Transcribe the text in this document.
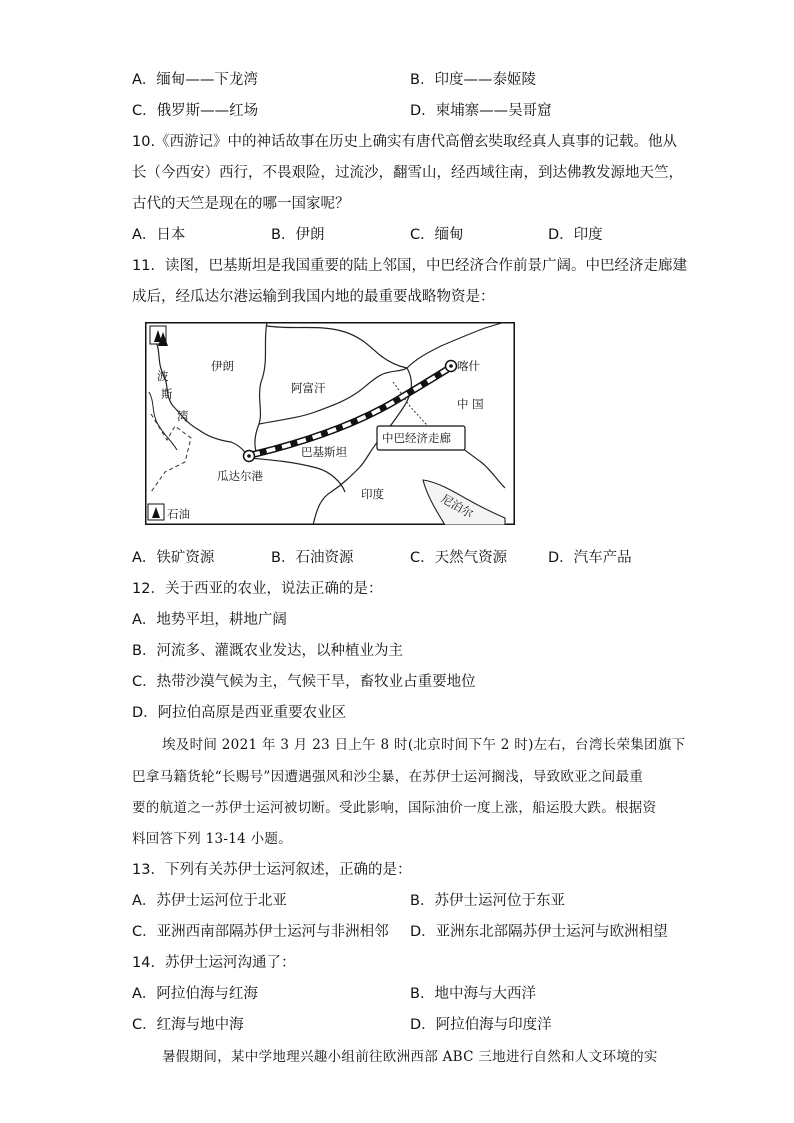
A．缅甸——下龙湾	B．印度——泰姬陵
C．俄罗斯——红场	D．柬埔寨——吴哥窟
10.《西游记》中的神话故事在历史上确实有唐代高僧玄奘取经真人真事的记载。他从
长（今西安）西行，不畏艰险，过流沙，翻雪山，经西域往南，到达佛教发源地天竺，
古代的天竺是现在的哪一国家呢？
A．日本	B．伊朗	C．缅甸	D．印度
11．读图，巴基斯坦是我国重要的陆上邻国，中巴经济合作前景广阔。中巴经济走廊建
成后，经瓜达尔港运输到我国内地的最重要战略物资是：
伊朗
阿富汗
喀什
中 国
波
斯
湾
巴基斯坦
中巴经济走廊
瓜达尔港
印度	尼泊尔
石油
A．铁矿资源	B．石油资源	C．天然气资源	D．汽车产品
12．关于西亚的农业，说法正确的是：
A．地势平坦，耕地广阔
B．河流多、灌溉农业发达，以种植业为主
C．热带沙漠气候为主，气候干旱，畜牧业占重要地位
D．阿拉伯高原是西亚重要农业区
埃及时间 2021 年 3 月 23 日上午 8 时(北京时间下午 2 时)左右，台湾长荣集团旗下
巴拿马籍货轮“长赐号”因遭遇强风和沙尘暴，在苏伊士运河搁浅，导致欧亚之间最重
要的航道之一苏伊士运河被切断。受此影响，国际油价一度上涨，船运股大跌。根据资
料回答下列 13-14 小题。
13．下列有关苏伊士运河叙述，正确的是：
A．苏伊士运河位于北亚	B．苏伊士运河位于东亚
C．亚洲西南部隔苏伊士运河与非洲相邻 D．亚洲东北部隔苏伊士运河与欧洲相望
14．苏伊士运河沟通了：
A．阿拉伯海与红海	B．地中海与大西洋
C．红海与地中海	D．阿拉伯海与印度洋
暑假期间，某中学地理兴趣小组前往欧洲西部 ABC 三地进行自然和人文环境的实
